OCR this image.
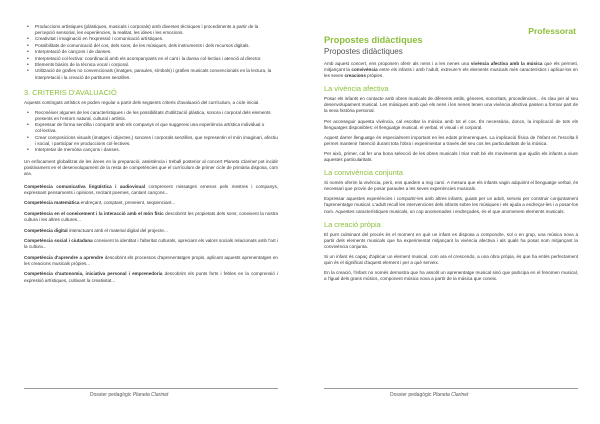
• Produccions artístiques (plàstiques, musicals i corporals) amb diverses tècniques i procediments a partir de la percepció sensorial, les experiències, la realitat, les idees i les emocions.
• Creativitat i imaginació en l'expressió i comunicació artístiques.
• Possibilitats de comunicació del cos, dels sons, de les músiques, dels instruments i dels recursos digitals.
• Interpretació de cançons i de danses.
• Interpretació col·lectiva: coordinació amb els acompanyants en el cant i la dansa col·lectius i atenció al director.
• Elements bàsics de la tècnica vocal i corporal.
• Utilització de grafies no convencionals (imatges, paraules, símbols) i grafies musicals convencionals en la lectura, la interpretació i la creació de partitures senzilles.
3. CRITERIS D'AVALUACIÓ

Aquests continguts artístics es poden regular a partir dels següents criteris d'avaluació del currículum, a cicle inicial.

• Reconèixer algunes de les característiques i de les possibilitats d'utilització plàstica, sonora i corporal dels elements presents en l'entorn natural, cultural i artístic.
• Expressar de forma senzilla i compartir amb els companys el que suggereix una experiència artística individual o col·lectiva.
• Crear composicions visuals (imatges i objectes,) sonores i corporals senzilles, que representin el món imaginari, afectiu i social, i participar en produccions col·lectives.
• Interpretar de memòria cançons i danses.

Un enfocament globalitzat de les àrees en la preparació, assistència i treball posterior al concert Planeta Clarinet pot incidir positivament en el desenvolupament de la resta de competències que el currículum de primer cicle de primària disposa, com ara.

Competència comunicativa lingüística i audiovisual comprenent missatges emesos pels mestres i companys, expressant pensaments i opinions, recitant poemes, cantant cançons...

Competència matemàtica endreçant, comptant, preveient, seqüenciant...

Competència en el coneixement i la interacció amb el món físic descobrint les propietats dels sons; coneixent la nostra cultura i les altres cultures...

Competència digital interactuant amb el material digital del projecte...

Competència social i ciutadana coneixent la identitat i l'alteritat culturals, apreciant els valors socials relacionats amb l'art i la cultura...

Competència d'aprendre a aprendre descobrint els processos d'aprenentatges propis, aplicant aquests aprenentatges en les creacions musicals pròpies...

Competència d'autonomia, iniciativa personal i emprenedoria descobrint els punts forts i febles en la comprensió i expressió artístiques, cultivant la creativitat...

Dossier pedagògic Planeta Clarinet
Professorat
Propostes didàctiques
Propostes didàctiques

Amb aquest concert, ens proposem oferir als nens i a les nenes una vivència afectiva amb la música que els permeti, mitjançant la convivència entre els infants i amb l'adult, extreure'n els elements musicals més característics i aplicar-los en les seves creacions pròpies.

La vivència afectiva

Posar els infants en contacte amb obres musicals de diferents estils, gèneres, sonoritats, procedències... és clau per al seu desenvolupament musical. Les músiques amb què els nens i les nenes tenen una vivència afectiva passen a formar part de la seva història personal.

Per aconseguir aquesta vivència, cal escoltar la música amb tot el cos. És necessària, doncs, la implicació de tots els llenguatges disponibles: el llenguatge musical, el verbal, el visual i el corporal.

Aquest darrer llenguatge és especialment important en les edats primerenques. La implicació física de l'infant en l'escolta li permet mantenir l'atenció durant tota l'obra i experimentar a través del seu cos les particularitats de la música.

Per això, primer, cal fer una bona selecció de les obres musicals i triar molt bé els moviments que ajudin els infants a viure aquestes particularitats.

La convivència conjunta

Si només oferim la vivència, però, ens quedem a mig camí. A mesura que els infants vagin adquirint el llenguatge verbal, és necessari que provin de posar paraules a les seves experiències musicals.

Expressar aquestes experiències i compartir-les amb altres infants, guiats per un adult, serveix per construir conjuntament l'aprenentatge musical. L'adult recull les intervencions dels infants sobre les músiques i els ajuda a endreçar-les i a posar-los nom. Aquestes característiques musicals, un cop anomenades i endreçades, és el que anomenem elements musicals.

La creació pròpia

El punt culminant del procés és el moment en què un infant es disposa a compondre, sol o en grup, una música nova a partir dels elements musicals que ha experimentat mitjançant la vivència afectiva i als quals ha posat nom mitjançant la convivència conjunta.

Si un infant és capaç d'aplicar un element musical, com ara el crescendo, a una obra pròpia, és que ha entès perfectament quin és el significat d'aquest element i per a què serveix.

En la creació, l'infant no només demostra que ha assolit un aprenentatge musical sinó que participa en el fenomen musical, a l'igual dels grans músics, component música nova a partir de la música que coneix.

Dossier pedagògic Planeta Clarinet
